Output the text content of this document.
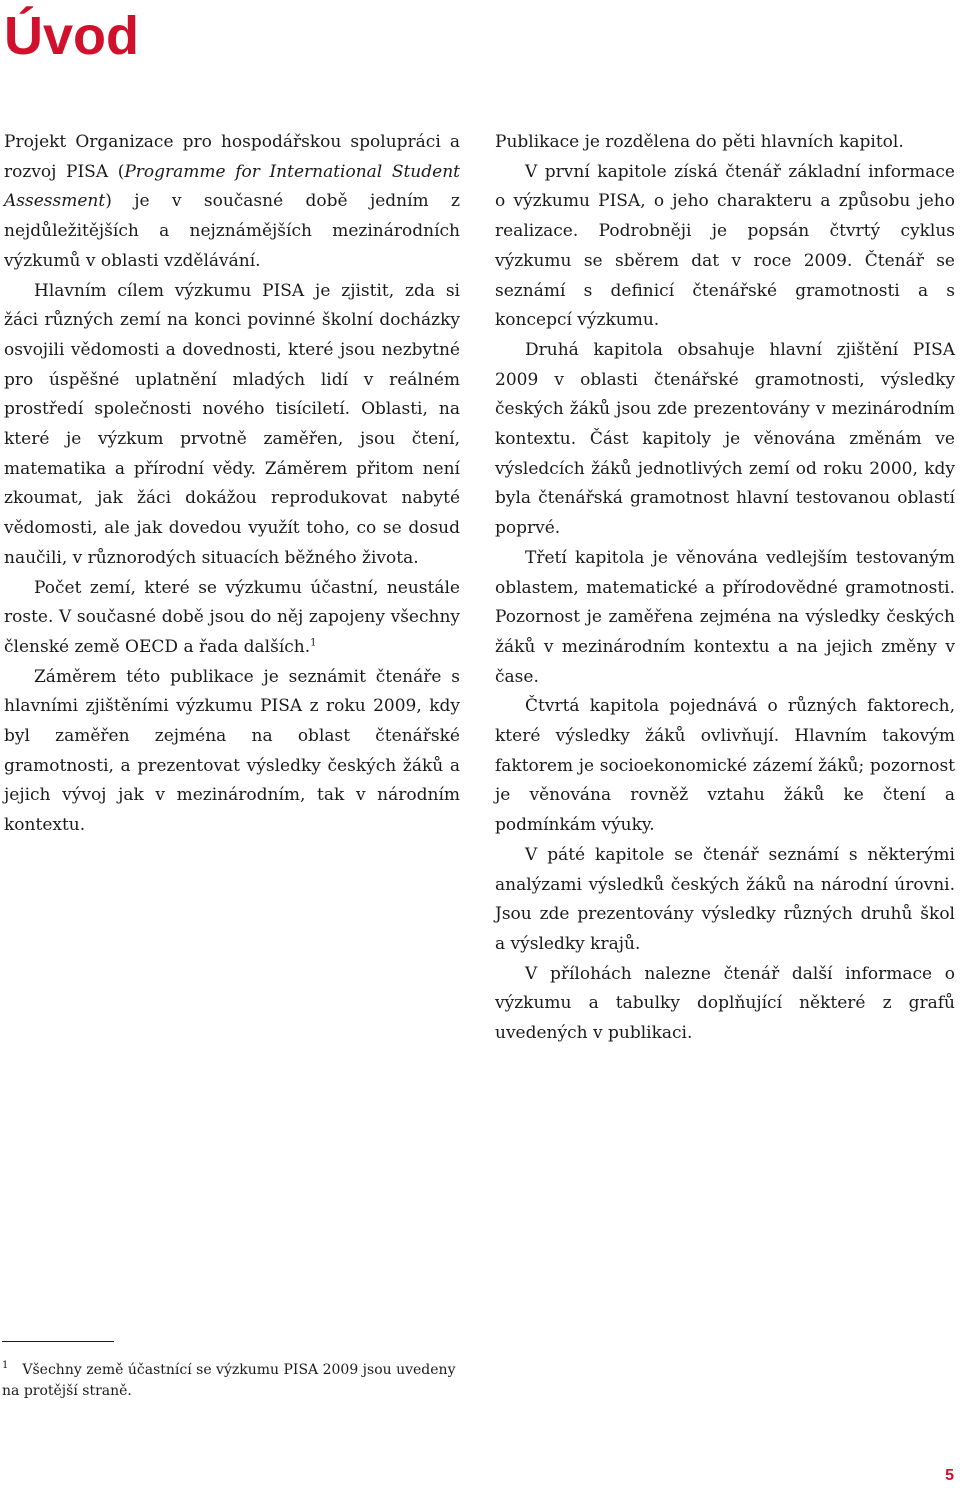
Úvod

Projekt Organizace pro hospodářskou spolupráci a rozvoj PISA (Programme for International Student Assessment) je v současné době jedním z nejdůležitějších a nejznámějších mezinárodních výzkumů v oblasti vzdělávání.

Hlavním cílem výzkumu PISA je zjistit, zda si žáci různých zemí na konci povinné školní docházky osvojili vědomosti a dovednosti, které jsou nezbytné pro úspěšné uplatnění mladých lidí v reálném prostředí společnosti nového tisíciletí. Oblasti, na které je výzkum prvotně zaměřen, jsou čtení, matematika a přírodní vědy. Záměrem přitom není zkoumat, jak žáci dokážou reprodukovat nabyté vědomosti, ale jak dovedou využít toho, co se dosud naučili, v různorodých situacích běžného života.

Počet zemí, které se výzkumu účastní, neustále roste. V současné době jsou do něj zapojeny všechny členské země OECD a řada dalších.$^1$

Záměrem této publikace je seznámit čtenáře s hlavními zjištěními výzkumu PISA z roku 2009, kdy byl zaměřen zejména na oblast čtenářské gramotnosti, a prezentovat výsledky českých žáků a jejich vývoj jak v mezinárodním, tak v národním kontextu.

Publikace je rozdělena do pěti hlavních kapitol.

V první kapitole získá čtenář základní informace o výzkumu PISA, o jeho charakteru a způsobu jeho realizace. Podrobněji je popsán čtvrtý cyklus výzkumu se sběrem dat v roce 2009. Čtenář se seznámí s definicí čtenářské gramotnosti a s koncepcí výzkumu.

Druhá kapitola obsahuje hlavní zjištění PISA 2009 v oblasti čtenářské gramotnosti, výsledky českých žáků jsou zde prezentovány v mezinárodním kontextu. Část kapitoly je věnována změnám ve výsledcích žáků jednotlivých zemí od roku 2000, kdy byla čtenářská gramotnost hlavní testovanou oblastí poprvé.

Třetí kapitola je věnována vedlejším testovaným oblastem, matematické a přírodovědné gramotnosti. Pozornost je zaměřena zejména na výsledky českých žáků v mezinárodním kontextu a na jejich změny v čase.

Čtvrtá kapitola pojednává o různých faktorech, které výsledky žáků ovlivňují. Hlavním takovým faktorem je socioekonomické zázemí žáků; pozornost je věnována rovněž vztahu žáků ke čtení a podmínkám výuky.

V páté kapitole se čtenář seznámí s některými analýzami výsledků českých žáků na národní úrovni. Jsou zde prezentovány výsledky různých druhů škol a výsledky krajů.

V přílohách nalezne čtenář další informace o výzkumu a tabulky doplňující některé z grafů uvedených v publikaci.

$^1$ Všechny země účastnící se výzkumu PISA 2009 jsou uvedeny na protější straně.

5
